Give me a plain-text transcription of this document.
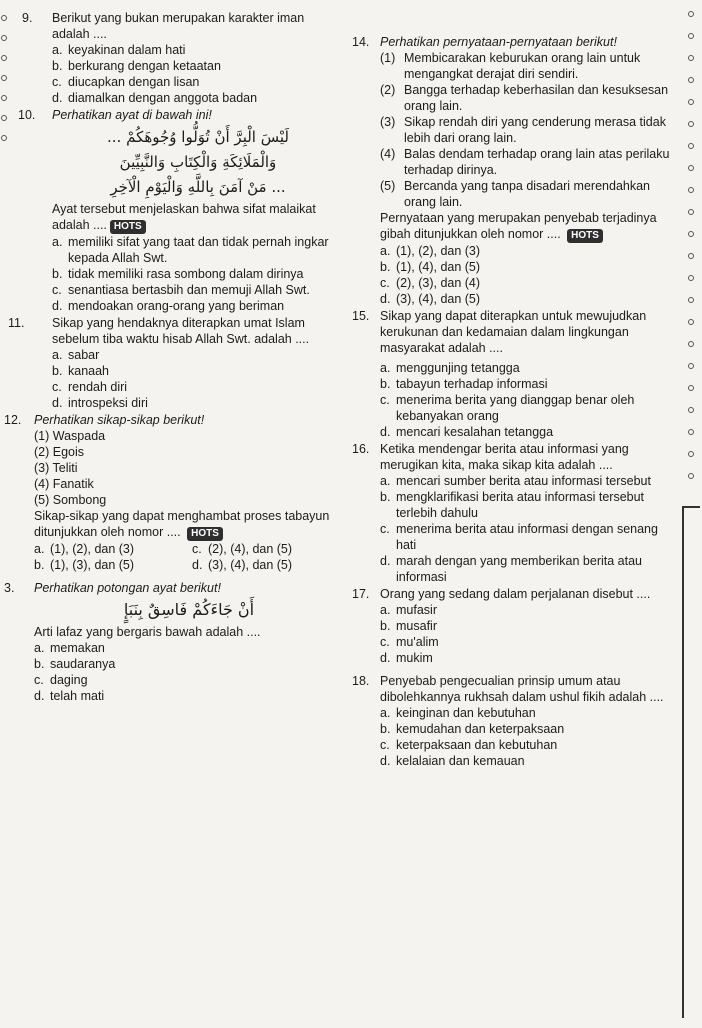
9.	Berikut yang bukan merupakan karakter iman adalah ....
a. keyakinan dalam hati
b. berkurang dengan ketaatan
c. diucapkan dengan lisan
d. diamalkan dengan anggota badan
10.	Perhatikan ayat di bawah ini!
لَيْسَ الْبِرَّ أَنْ تُوَلُّوا وُجُوهَكُمْ ...
وَالْمَلَائِكَةِ وَالْكِتَابِ وَالنَّبِيِّينَ
... مَنْ آمَنَ بِاللَّهِ وَالْيَوْمِ الْآخِرِ
Ayat tersebut menjelaskan bahwa sifat malaikat adalah .... HOTS
a. memiliki sifat yang taat dan tidak pernah ingkar kepada Allah Swt.
b. tidak memiliki rasa sombong dalam dirinya
c. senantiasa bertasbih dan memuji Allah Swt.
d. mendoakan orang-orang yang beriman
11.	Sikap yang hendaknya diterapkan umat Islam sebelum tiba waktu hisab Allah Swt. adalah ....
a. sabar
b. kanaah
c. rendah diri
d. introspeksi diri
12.	Perhatikan sikap-sikap berikut!
(1) Waspada
(2) Egois
(3) Teliti
(4) Fanatik
(5) Sombong
Sikap-sikap yang dapat menghambat proses tabayun ditunjukkan oleh nomor .... HOTS
a. (1), (2), dan (3)	c. (2), (4), dan (5)
b. (1), (3), dan (5)	d. (3), (4), dan (5)
3.	Perhatikan potongan ayat berikut!
أَنْ جَاءَكُمْ فَاسِقٌ بِنَبَإٍ
Arti lafaz yang bergaris bawah adalah ....
a. memakan
b. saudaranya
c. daging
d. telah mati
14. Perhatikan pernyataan-pernyataan berikut!
(1) Membicarakan keburukan orang lain untuk mengangkat derajat diri sendiri.
(2) Bangga terhadap keberhasilan dan kesuksesan orang lain.
(3) Sikap rendah diri yang cenderung merasa tidak lebih dari orang lain.
(4) Balas dendam terhadap orang lain atas perilaku terhadap dirinya.
(5) Bercanda yang tanpa disadari merendahkan orang lain.
Pernyataan yang merupakan penyebab terjadinya gibah ditunjukkan oleh nomor .... HOTS
a. (1), (2), dan (3)
b. (1), (4), dan (5)
c. (2), (3), dan (4)
d. (3), (4), dan (5)
15. Sikap yang dapat diterapkan untuk mewujudkan kerukunan dan kedamaian dalam lingkungan masyarakat adalah ....
a. menggunjing tetangga
b. tabayun terhadap informasi
c. menerima berita yang dianggap benar oleh kebanyakan orang
d. mencari kesalahan tetangga
16. Ketika mendengar berita atau informasi yang merugikan kita, maka sikap kita adalah ....
a. mencari sumber berita atau informasi tersebut
b. mengklarifikasi berita atau informasi tersebut terlebih dahulu
c. menerima berita atau informasi dengan senang hati
d. marah dengan yang memberikan berita atau informasi
17. Orang yang sedang dalam perjalanan disebut ....
a. mufasir
b. musafir
c. mu'alim
d. mukim
18. Penyebab pengecualian prinsip umum atau dibolehkannya rukhsah dalam ushul fikih adalah ....
a. keinginan dan kebutuhan
b. kemudahan dan keterpaksaan
c. keterpaksaan dan kebutuhan
d. kelalaian dan kemauan
